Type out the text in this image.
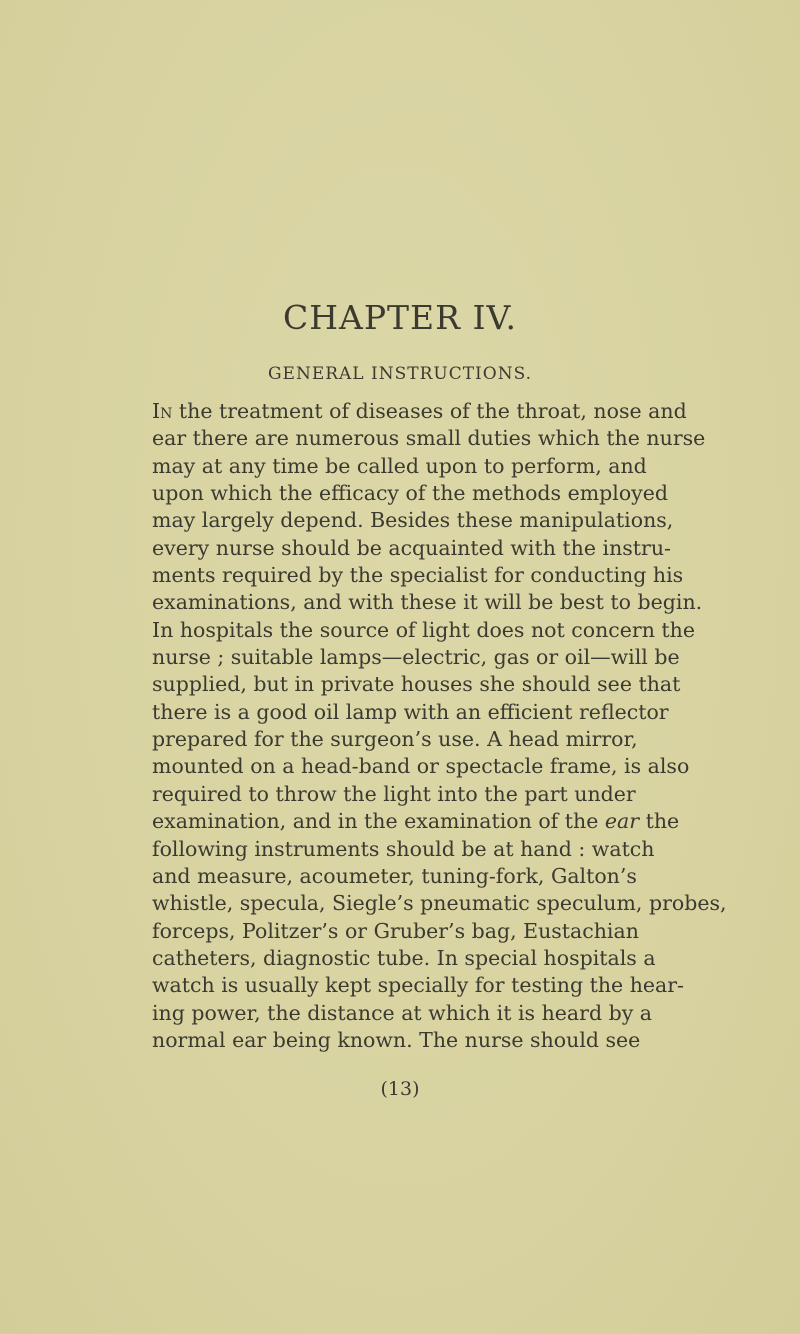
CHAPTER IV.
GENERAL INSTRUCTIONS.
In the treatment of diseases of the throat, nose and
ear there are numerous small duties which the nurse
may at any time be called upon to perform, and
upon which the efficacy of the methods employed
may largely depend. Besides these manipulations,
every nurse should be acquainted with the instru-
ments required by the specialist for conducting his
examinations, and with these it will be best to begin.
In hospitals the source of light does not concern the
nurse ; suitable lamps—electric, gas or oil—will be
supplied, but in private houses she should see that
there is a good oil lamp with an efficient reflector
prepared for the surgeon’s use. A head mirror,
mounted on a head-band or spectacle frame, is also
required to throw the light into the part under
examination, and in the examination of the ear the
following instruments should be at hand : watch
and measure, acoumeter, tuning-fork, Galton’s
whistle, specula, Siegle’s pneumatic speculum, probes,
forceps, Politzer’s or Gruber’s bag, Eustachian
catheters, diagnostic tube. In special hospitals a
watch is usually kept specially for testing the hear-
ing power, the distance at which it is heard by a
normal ear being known. The nurse should see
(13)
